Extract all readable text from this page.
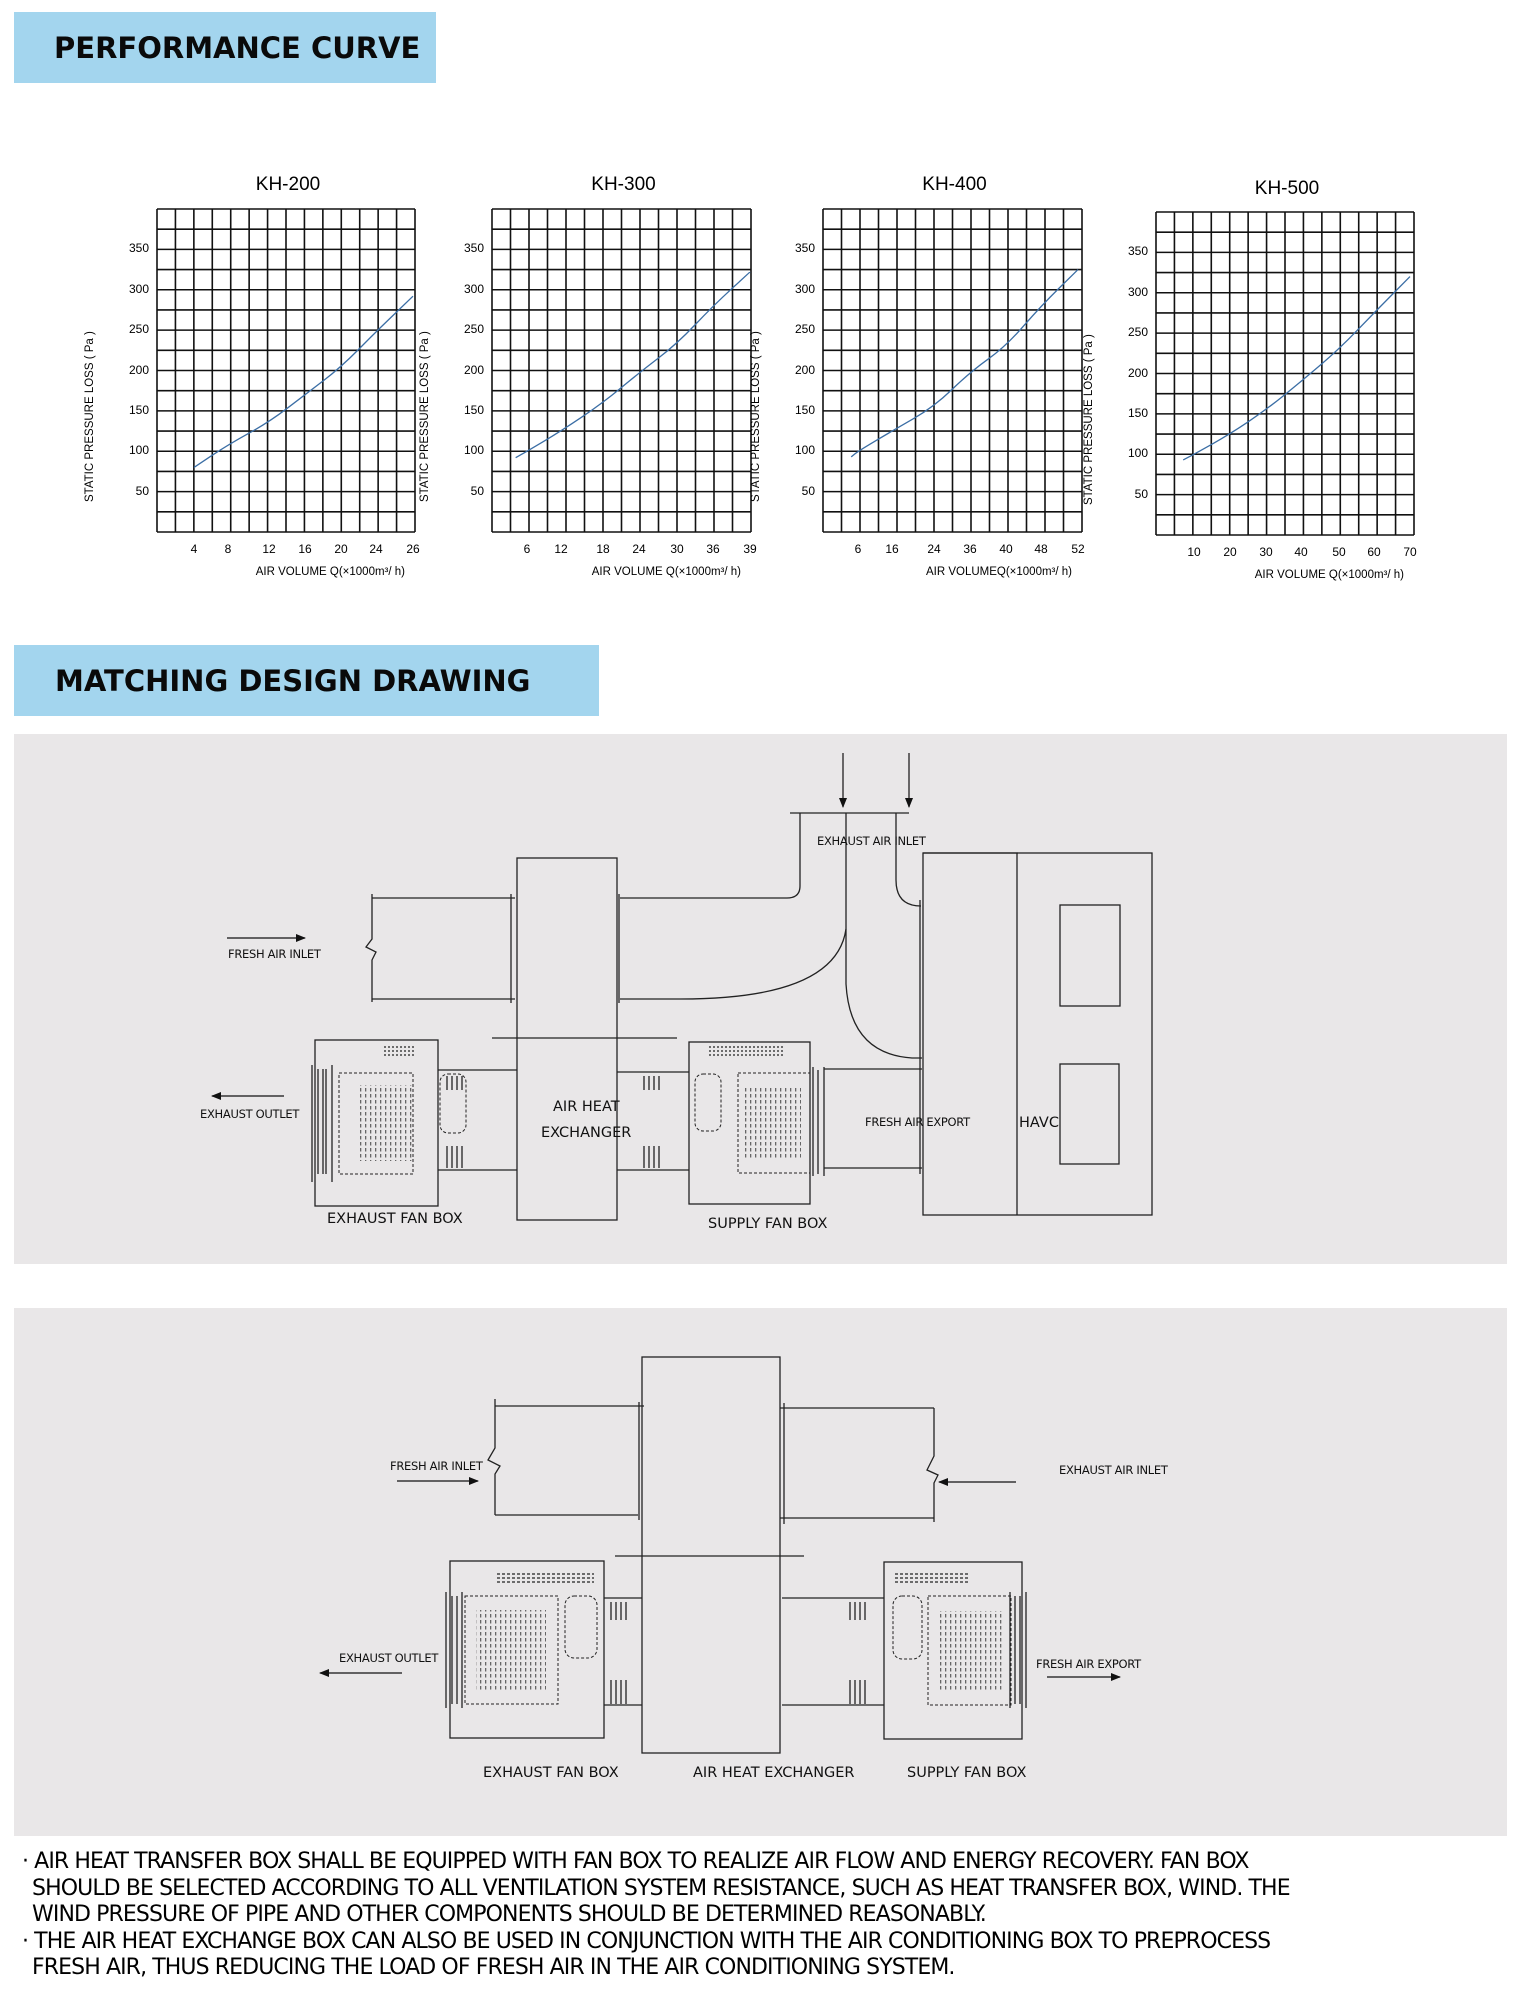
PERFORMANCE CURVE
KH-200
50
100
150
200
250
300
350
4	8	12	16	20	24	26
STATIC PRESSURE LOSS ( Pa )
AIR VOLUME Q(×1000m³/ h)
KH-300
50
100
150
200
250
300
350
6	12	18	24	30	36	39
STATIC PRESSURE LOSS ( Pa )
AIR VOLUME Q(×1000m³/ h)
KH-400
50
100
150
200
250
300
350
6	16	24	36	40	48	52
STATIC PRESSURE LOSS ( Pa )
AIR VOLUMEQ(×1000m³/ h)
KH-500
50
100
150
200
250
300
350
10	20	30	40	50	60	70
STATIC PRESSURE LOSS ( Pa )
AIR VOLUME Q(×1000m³/ h)
MATCHING DESIGN DRAWING
FRESH AIR INLET
EXHAUST OUTLET
EXHAUST AIR INLET
AIR HEAT
EXCHANGER
FRESH AIR EXPORT	HAVC
EXHAUST FAN BOX	SUPPLY FAN BOX
FRESH AIR INLET	EXHAUST AIR INLET
EXHAUST OUTLET	FRESH AIR EXPORT
EXHAUST FAN BOX	AIR HEAT EXCHANGER	SUPPLY FAN BOX

· AIR HEAT TRANSFER BOX SHALL BE EQUIPPED WITH FAN BOX TO REALIZE AIR FLOW AND ENERGY RECOVERY. FAN BOX

SHOULD BE SELECTED ACCORDING TO ALL VENTILATION SYSTEM RESISTANCE, SUCH AS HEAT TRANSFER BOX, WIND. THE

WIND PRESSURE OF PIPE AND OTHER COMPONENTS SHOULD BE DETERMINED REASONABLY.

· THE AIR HEAT EXCHANGE BOX CAN ALSO BE USED IN CONJUNCTION WITH THE AIR CONDITIONING BOX TO PREPROCESS

FRESH AIR, THUS REDUCING THE LOAD OF FRESH AIR IN THE AIR CONDITIONING SYSTEM.
